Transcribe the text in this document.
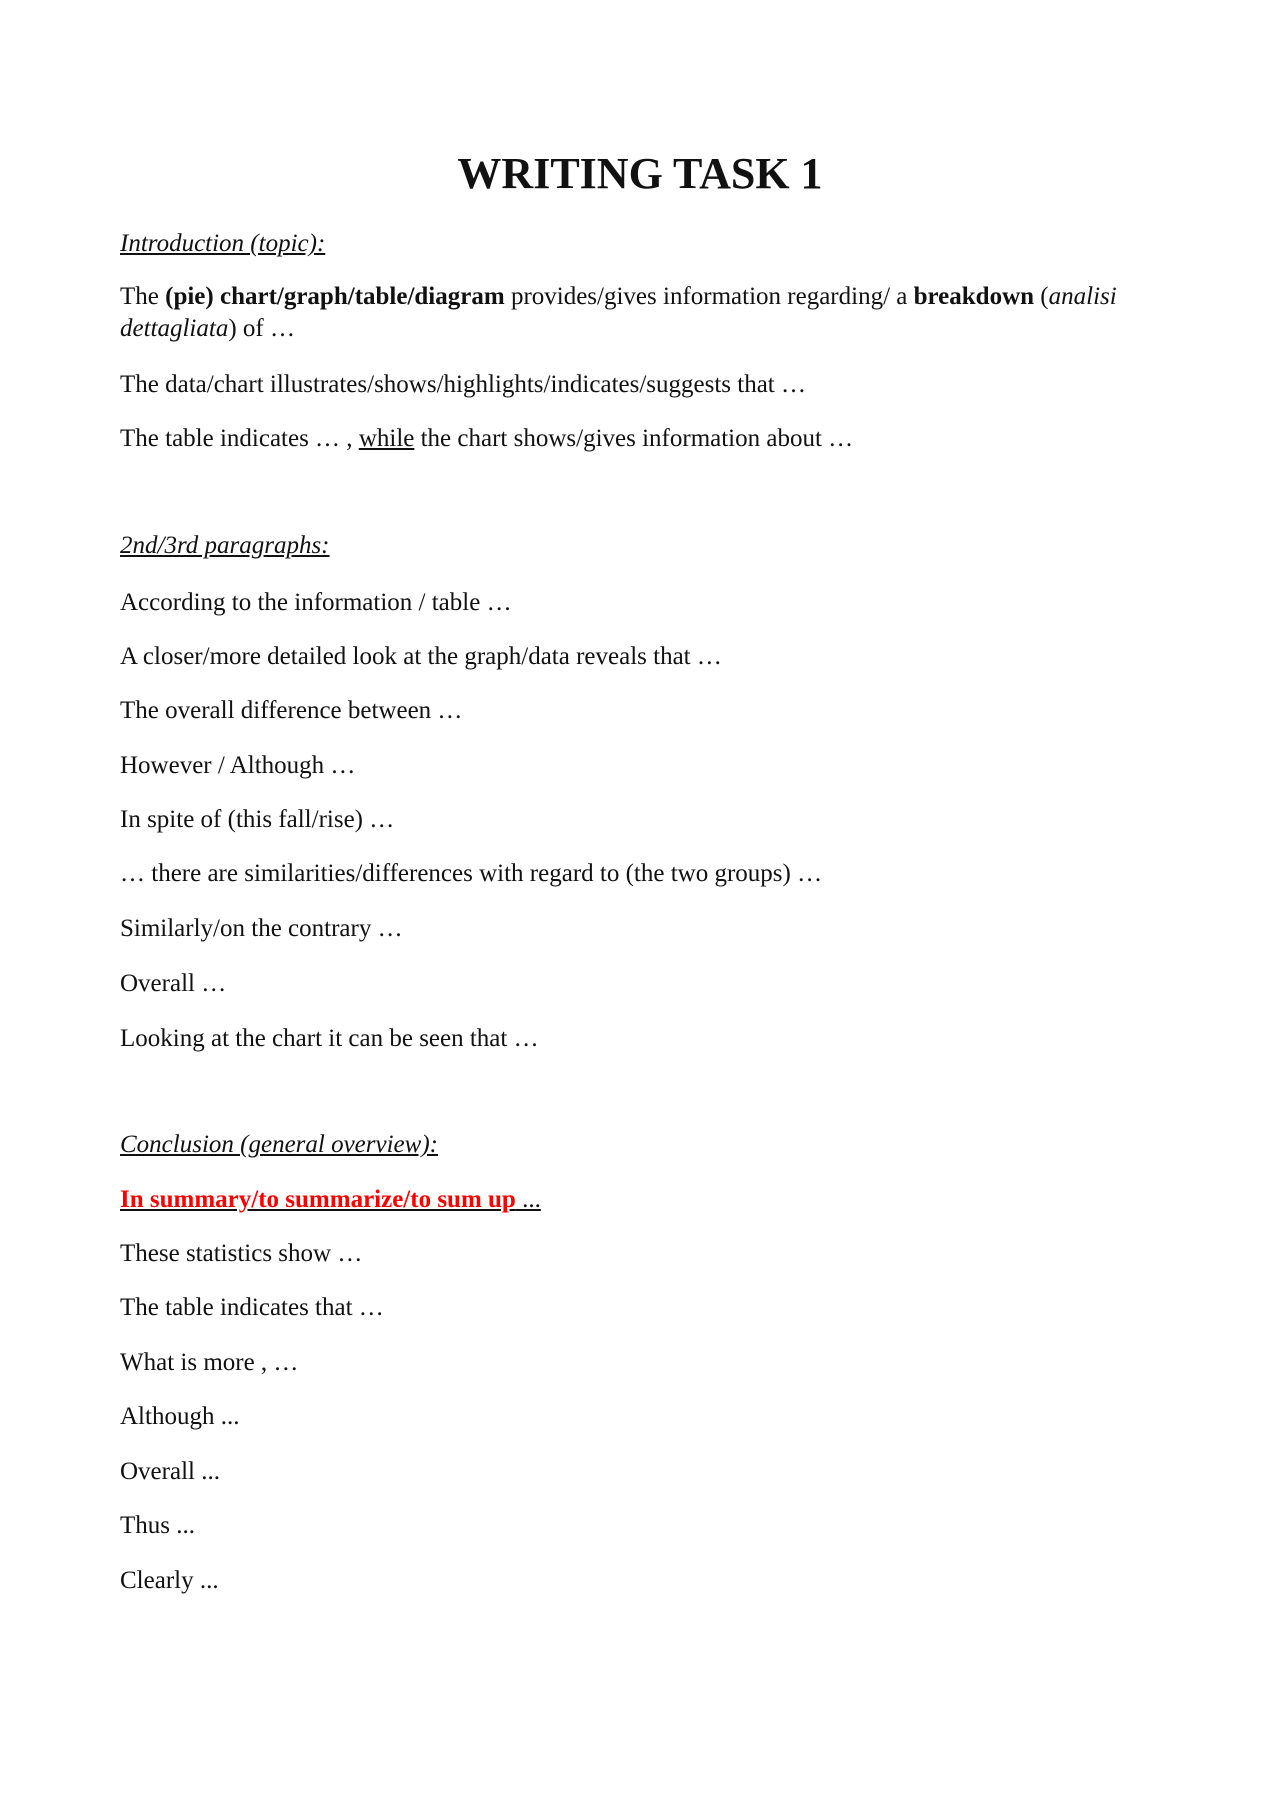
WRITING TASK 1

Introduction (topic):

The (pie) chart/graph/table/diagram provides/gives information regarding/ a breakdown (analisi dettagliata) of …

The data/chart illustrates/shows/highlights/indicates/suggests that …

The table indicates … , while the chart shows/gives information about …

2nd/3rd paragraphs:

According to the information / table …

A closer/more detailed look at the graph/data reveals that …

The overall difference between …

However / Although …

In spite of (this fall/rise) …

… there are similarities/differences with regard to (the two groups) …

Similarly/on the contrary …

Overall …

Looking at the chart it can be seen that …

Conclusion (general overview):

In summary/to summarize/to sum up ...

These statistics show …

The table indicates that …

What is more , …

Although ...

Overall ...

Thus ...

Clearly ...
